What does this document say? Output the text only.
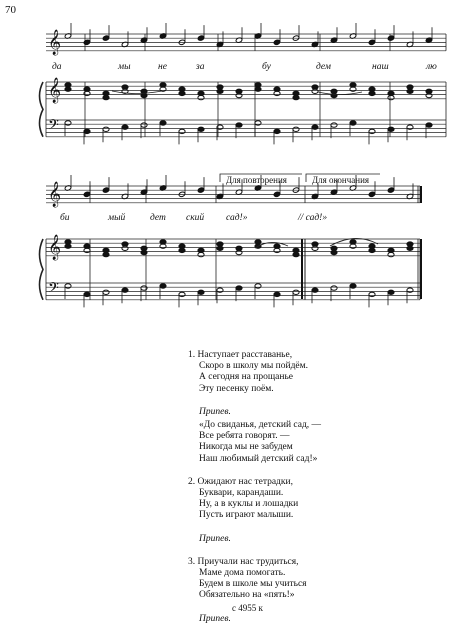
70
𝄞
𝄞
𝄢
𝄞
𝄞
𝄢
да	мы	не	за	бу	дем	наш	лю
би	мый	дет ский сад!»	// сад!»
Для повторения	Для окончания
1. Наступает расставанье,
Скоро в школу мы пойдём.
А сегодня на прощанье
Эту песенку поём.
Припев.
«До свиданья, детский сад, —
Все ребята говорят. —
Никогда мы не забудем
Наш любимый детский сад!»
2. Ожидают нас тетрадки,
Буквари, карандаши.
Ну, а в куклы и лошадки
Пусть играют малыши.
Припев.
3. Приучали нас трудиться,
Маме дома помогать.
Будем в школе мы учиться
Обязательно на «пять!»
Припев.
с 4955 к
